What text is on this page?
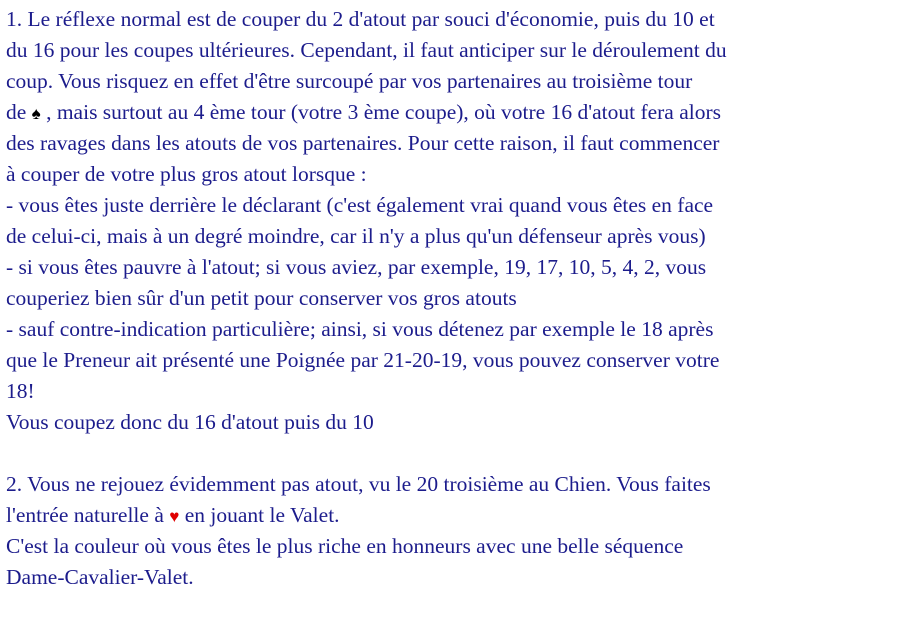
1. Le réflexe normal est de couper du 2 d'atout par souci d'économie, puis du 10 et
du 16 pour les coupes ultérieures. Cependant, il faut anticiper sur le déroulement du
coup. Vous risquez en effet d'être surcoupé par vos partenaires au troisième tour
de ♠ , mais surtout au 4 ème tour (votre 3 ème coupe), où votre 16 d'atout fera alors
des ravages dans les atouts de vos partenaires. Pour cette raison, il faut commencer
à couper de votre plus gros atout lorsque :
- vous êtes juste derrière le déclarant (c'est également vrai quand vous êtes en face
de celui-ci, mais à un degré moindre, car il n'y a plus qu'un défenseur après vous)
- si vous êtes pauvre à l'atout; si vous aviez, par exemple, 19, 17, 10, 5, 4, 2, vous
couperiez bien sûr d'un petit pour conserver vos gros atouts
- sauf contre-indication particulière; ainsi, si vous détenez par exemple le 18 après
que le Preneur ait présenté une Poignée par 21-20-19, vous pouvez conserver votre
18!
Vous coupez donc du 16 d'atout puis du 10
2. Vous ne rejouez évidemment pas atout, vu le 20 troisième au Chien. Vous faites
l'entrée naturelle à ♥ en jouant le Valet.
C'est la couleur où vous êtes le plus riche en honneurs avec une belle séquence
Dame-Cavalier-Valet.
